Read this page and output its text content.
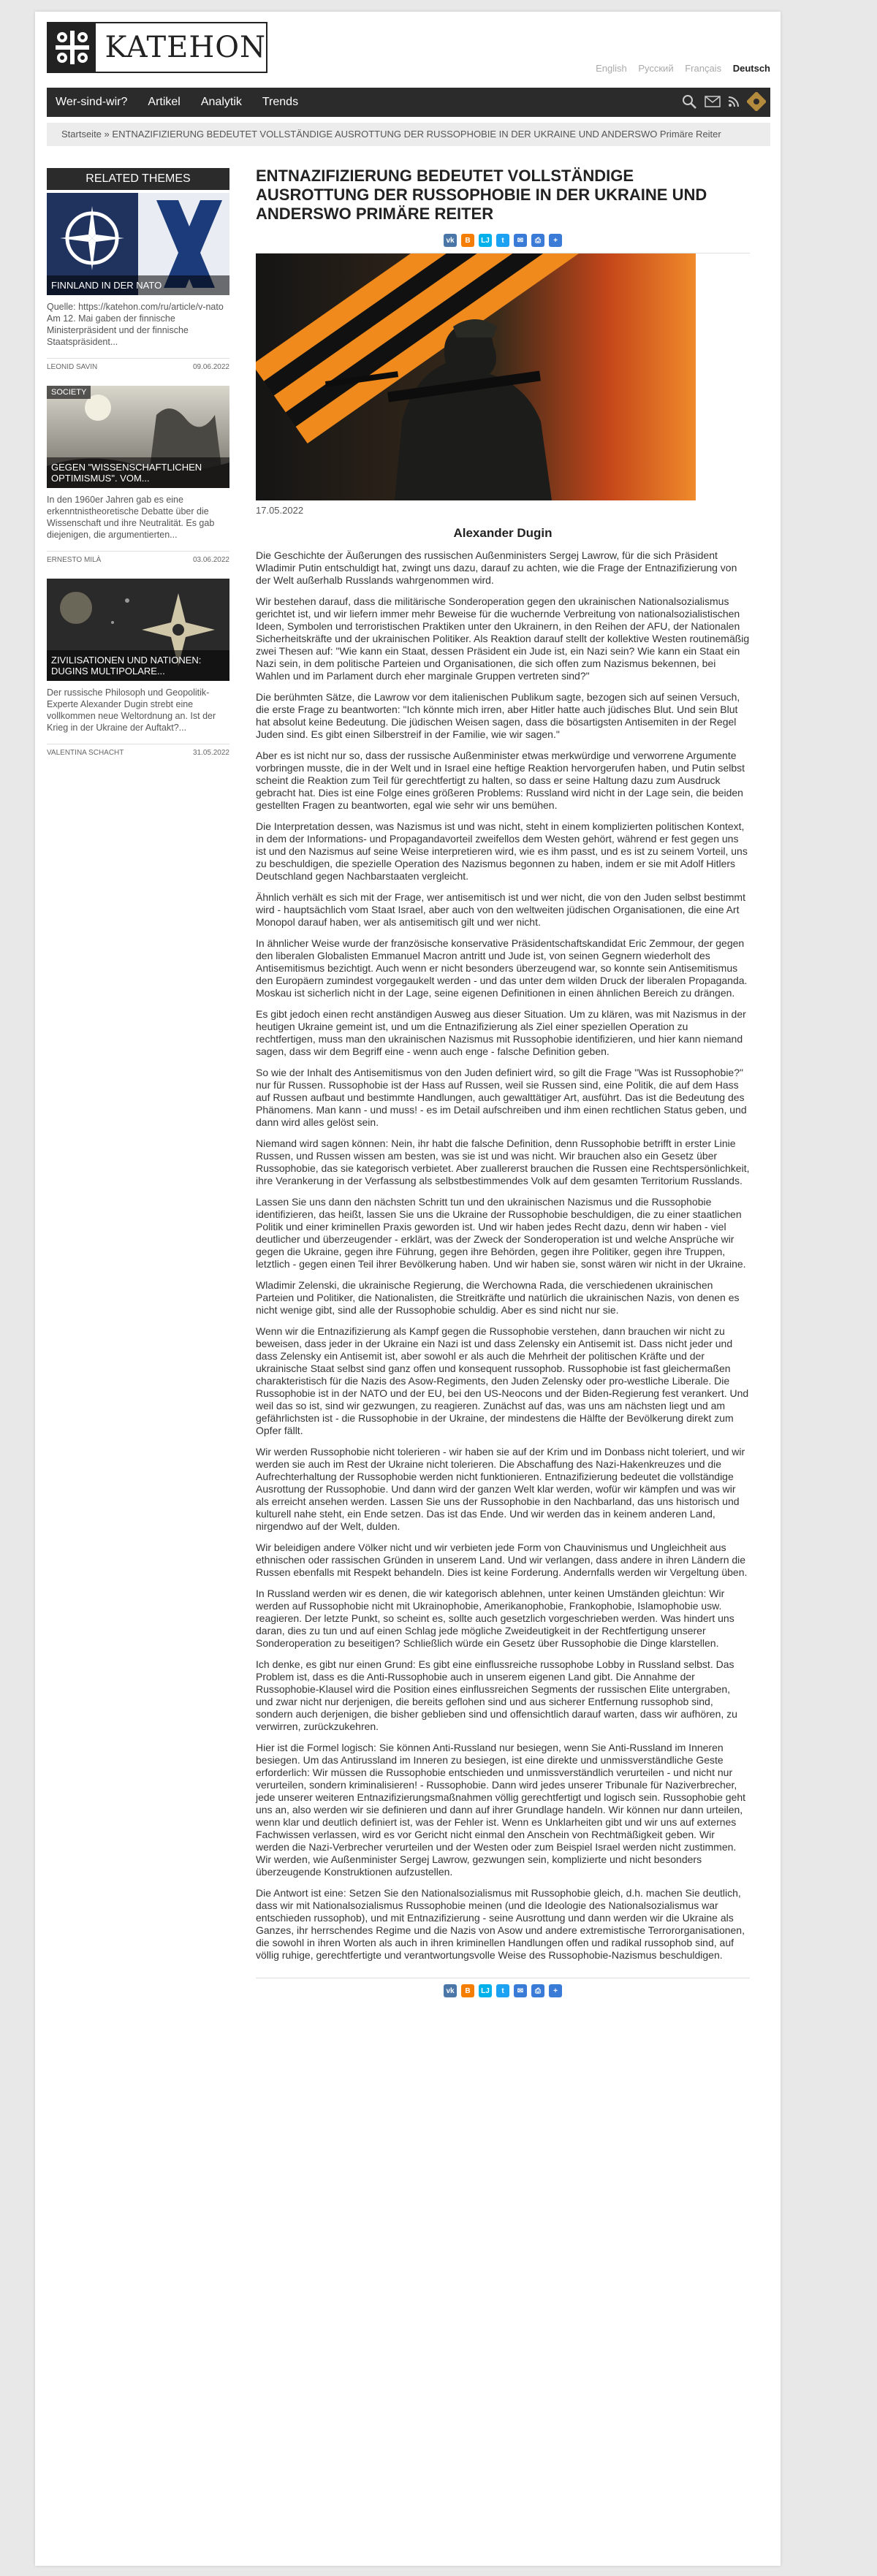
KATEHON
English Русский Français Deutsch
Wer-sind-wir? Artikel Analytik Trends
Startseite » ENTNAZIFIZIERUNG BEDEUTET VOLLSTÄNDIGE AUSROTTUNG DER RUSSOPHOBIE IN DER UKRAINE UND ANDERSWO Primäre Reiter
RELATED THEMES
FINNLAND IN DER NATO
Quelle: https://katehon.com/ru/article/v-nato Am 12. Mai gaben der finnische Ministerpräsident und der finnische Staatspräsident...
LEONID SAVIN	09.06.2022
SOCIETY
GEGEN "WISSENSCHAFTLICHEN OPTIMISMUS". VOM...
In den 1960er Jahren gab es eine erkenntnistheoretische Debatte über die Wissenschaft und ihre Neutralität. Es gab diejenigen, die argumentierten...
ERNESTO MILÀ	03.06.2022
ZIVILISATIONEN UND NATIONEN: DUGINS MULTIPOLARE...
Der russische Philosoph und Geopolitik-Experte Alexander Dugin strebt eine vollkommen neue Weltordnung an. Ist der Krieg in der Ukraine der Auftakt?...
VALENTINA SCHACHT	31.05.2022
ENTNAZIFIZIERUNG BEDEUTET VOLLSTÄNDIGE AUSROTTUNG DER RUSSOPHOBIE IN DER UKRAINE UND ANDERSWO PRIMÄRE REITER
vk	B	LJ	t	✉	⎙	+
17.05.2022
Alexander Dugin

Die Geschichte der Äußerungen des russischen Außenministers Sergej Lawrow, für die sich Präsident Wladimir Putin entschuldigt hat, zwingt uns dazu, darauf zu achten, wie die Frage der Entnazifizierung von der Welt außerhalb Russlands wahrgenommen wird.

Wir bestehen darauf, dass die militärische Sonderoperation gegen den ukrainischen Nationalsozialismus gerichtet ist, und wir liefern immer mehr Beweise für die wuchernde Verbreitung von nationalsozialistischen Ideen, Symbolen und terroristischen Praktiken unter den Ukrainern, in den Reihen der AFU, der Nationalen Sicherheitskräfte und der ukrainischen Politiker. Als Reaktion darauf stellt der kollektive Westen routinemäßig zwei Thesen auf: "Wie kann ein Staat, dessen Präsident ein Jude ist, ein Nazi sein? Wie kann ein Staat ein Nazi sein, in dem politische Parteien und Organisationen, die sich offen zum Nazismus bekennen, bei Wahlen und im Parlament durch eher marginale Gruppen vertreten sind?"

Die berühmten Sätze, die Lawrow vor dem italienischen Publikum sagte, bezogen sich auf seinen Versuch, die erste Frage zu beantworten: "Ich könnte mich irren, aber Hitler hatte auch jüdisches Blut. Und sein Blut hat absolut keine Bedeutung. Die jüdischen Weisen sagen, dass die bösartigsten Antisemiten in der Regel Juden sind. Es gibt einen Silberstreif in der Familie, wie wir sagen."

Aber es ist nicht nur so, dass der russische Außenminister etwas merkwürdige und verworrene Argumente vorbringen musste, die in der Welt und in Israel eine heftige Reaktion hervorgerufen haben, und Putin selbst scheint die Reaktion zum Teil für gerechtfertigt zu halten, so dass er seine Haltung dazu zum Ausdruck gebracht hat. Dies ist eine Folge eines größeren Problems: Russland wird nicht in der Lage sein, die beiden gestellten Fragen zu beantworten, egal wie sehr wir uns bemühen.

Die Interpretation dessen, was Nazismus ist und was nicht, steht in einem komplizierten politischen Kontext, in dem der Informations- und Propagandavorteil zweifellos dem Westen gehört, während er fest gegen uns ist und den Nazismus auf seine Weise interpretieren wird, wie es ihm passt, und es ist zu seinem Vorteil, uns zu beschuldigen, die spezielle Operation des Nazismus begonnen zu haben, indem er sie mit Adolf Hitlers Deutschland gegen Nachbarstaaten vergleicht.

Ähnlich verhält es sich mit der Frage, wer antisemitisch ist und wer nicht, die von den Juden selbst bestimmt wird - hauptsächlich vom Staat Israel, aber auch von den weltweiten jüdischen Organisationen, die eine Art Monopol darauf haben, wer als antisemitisch gilt und wer nicht.

In ähnlicher Weise wurde der französische konservative Präsidentschaftskandidat Eric Zemmour, der gegen den liberalen Globalisten Emmanuel Macron antritt und Jude ist, von seinen Gegnern wiederholt des Antisemitismus bezichtigt. Auch wenn er nicht besonders überzeugend war, so konnte sein Antisemitismus den Europäern zumindest vorgegaukelt werden - und das unter dem wilden Druck der liberalen Propaganda. Moskau ist sicherlich nicht in der Lage, seine eigenen Definitionen in einen ähnlichen Bereich zu drängen.

Es gibt jedoch einen recht anständigen Ausweg aus dieser Situation. Um zu klären, was mit Nazismus in der heutigen Ukraine gemeint ist, und um die Entnazifizierung als Ziel einer speziellen Operation zu rechtfertigen, muss man den ukrainischen Nazismus mit Russophobie identifizieren, und hier kann niemand sagen, dass wir dem Begriff eine - wenn auch enge - falsche Definition geben.

So wie der Inhalt des Antisemitismus von den Juden definiert wird, so gilt die Frage "Was ist Russophobie?" nur für Russen. Russophobie ist der Hass auf Russen, weil sie Russen sind, eine Politik, die auf dem Hass auf Russen aufbaut und bestimmte Handlungen, auch gewalttätiger Art, ausführt. Das ist die Bedeutung des Phänomens. Man kann - und muss! - es im Detail aufschreiben und ihm einen rechtlichen Status geben, und dann wird alles gelöst sein.

Niemand wird sagen können: Nein, ihr habt die falsche Definition, denn Russophobie betrifft in erster Linie Russen, und Russen wissen am besten, was sie ist und was nicht. Wir brauchen also ein Gesetz über Russophobie, das sie kategorisch verbietet. Aber zuallererst brauchen die Russen eine Rechtspersönlichkeit, ihre Verankerung in der Verfassung als selbstbestimmendes Volk auf dem gesamten Territorium Russlands.

Lassen Sie uns dann den nächsten Schritt tun und den ukrainischen Nazismus und die Russophobie identifizieren, das heißt, lassen Sie uns die Ukraine der Russophobie beschuldigen, die zu einer staatlichen Politik und einer kriminellen Praxis geworden ist. Und wir haben jedes Recht dazu, denn wir haben - viel deutlicher und überzeugender - erklärt, was der Zweck der Sonderoperation ist und welche Ansprüche wir gegen die Ukraine, gegen ihre Führung, gegen ihre Behörden, gegen ihre Politiker, gegen ihre Truppen, letztlich - gegen einen Teil ihrer Bevölkerung haben. Und wir haben sie, sonst wären wir nicht in der Ukraine.

Wladimir Zelenski, die ukrainische Regierung, die Werchowna Rada, die verschiedenen ukrainischen Parteien und Politiker, die Nationalisten, die Streitkräfte und natürlich die ukrainischen Nazis, von denen es nicht wenige gibt, sind alle der Russophobie schuldig. Aber es sind nicht nur sie.

Wenn wir die Entnazifizierung als Kampf gegen die Russophobie verstehen, dann brauchen wir nicht zu beweisen, dass jeder in der Ukraine ein Nazi ist und dass Zelensky ein Antisemit ist. Dass nicht jeder und dass Zelensky ein Antisemit ist, aber sowohl er als auch die Mehrheit der politischen Kräfte und der ukrainische Staat selbst sind ganz offen und konsequent russophob. Russophobie ist fast gleichermaßen charakteristisch für die Nazis des Asow-Regiments, den Juden Zelensky oder pro-westliche Liberale. Die Russophobie ist in der NATO und der EU, bei den US-Neocons und der Biden-Regierung fest verankert. Und weil das so ist, sind wir gezwungen, zu reagieren. Zunächst auf das, was uns am nächsten liegt und am gefährlichsten ist - die Russophobie in der Ukraine, der mindestens die Hälfte der Bevölkerung direkt zum Opfer fällt.

Wir werden Russophobie nicht tolerieren - wir haben sie auf der Krim und im Donbass nicht toleriert, und wir werden sie auch im Rest der Ukraine nicht tolerieren. Die Abschaffung des Nazi-Hakenkreuzes und die Aufrechterhaltung der Russophobie werden nicht funktionieren. Entnazifizierung bedeutet die vollständige Ausrottung der Russophobie. Und dann wird der ganzen Welt klar werden, wofür wir kämpfen und was wir als erreicht ansehen werden. Lassen Sie uns der Russophobie in den Nachbarland, das uns historisch und kulturell nahe steht, ein Ende setzen. Das ist das Ende. Und wir werden das in keinem anderen Land, nirgendwo auf der Welt, dulden.

Wir beleidigen andere Völker nicht und wir verbieten jede Form von Chauvinismus und Ungleichheit aus ethnischen oder rassischen Gründen in unserem Land. Und wir verlangen, dass andere in ihren Ländern die Russen ebenfalls mit Respekt behandeln. Dies ist keine Forderung. Andernfalls werden wir Vergeltung üben.

In Russland werden wir es denen, die wir kategorisch ablehnen, unter keinen Umständen gleichtun: Wir werden auf Russophobie nicht mit Ukrainophobie, Amerikanophobie, Frankophobie, Islamophobie usw. reagieren. Der letzte Punkt, so scheint es, sollte auch gesetzlich vorgeschrieben werden. Was hindert uns daran, dies zu tun und auf einen Schlag jede mögliche Zweideutigkeit in der Rechtfertigung unserer Sonderoperation zu beseitigen? Schließlich würde ein Gesetz über Russophobie die Dinge klarstellen.

Ich denke, es gibt nur einen Grund: Es gibt eine einflussreiche russophobe Lobby in Russland selbst. Das Problem ist, dass es die Anti-Russophobie auch in unserem eigenen Land gibt. Die Annahme der Russophobie-Klausel wird die Position eines einflussreichen Segments der russischen Elite untergraben, und zwar nicht nur derjenigen, die bereits geflohen sind und aus sicherer Entfernung russophob sind, sondern auch derjenigen, die bisher geblieben sind und offensichtlich darauf warten, dass wir aufhören, zu verwirren, zurückzukehren.

Hier ist die Formel logisch: Sie können Anti-Russland nur besiegen, wenn Sie Anti-Russland im Inneren besiegen. Um das Antirussland im Inneren zu besiegen, ist eine direkte und unmissverständliche Geste erforderlich: Wir müssen die Russophobie entschieden und unmissverständlich verurteilen - und nicht nur verurteilen, sondern kriminalisieren! - Russophobie. Dann wird jedes unserer Tribunale für Naziverbrecher, jede unserer weiteren Entnazifizierungsmaßnahmen völlig gerechtfertigt und logisch sein. Russophobie geht uns an, also werden wir sie definieren und dann auf ihrer Grundlage handeln. Wir können nur dann urteilen, wenn klar und deutlich definiert ist, was der Fehler ist. Wenn es Unklarheiten gibt und wir uns auf externes Fachwissen verlassen, wird es vor Gericht nicht einmal den Anschein von Rechtmäßigkeit geben. Wir werden die Nazi-Verbrecher verurteilen und der Westen oder zum Beispiel Israel werden nicht zustimmen. Wir werden, wie Außenminister Sergej Lawrow, gezwungen sein, komplizierte und nicht besonders überzeugende Konstruktionen aufzustellen.

Die Antwort ist eine: Setzen Sie den Nationalsozialismus mit Russophobie gleich, d.h. machen Sie deutlich, dass wir mit Nationalsozialismus Russophobie meinen (und die Ideologie des Nationalsozialismus war entschieden russophob), und mit Entnazifizierung - seine Ausrottung und dann werden wir die Ukraine als Ganzes, ihr herrschendes Regime und die Nazis von Asow und andere extremistische Terrororganisationen, die sowohl in ihren Worten als auch in ihren kriminellen Handlungen offen und radikal russophob sind, auf völlig ruhige, gerechtfertigte und verantwortungsvolle Weise des Russophobie-Nazismus beschuldigen.

vk	B	LJ	t	✉	⎙	+
